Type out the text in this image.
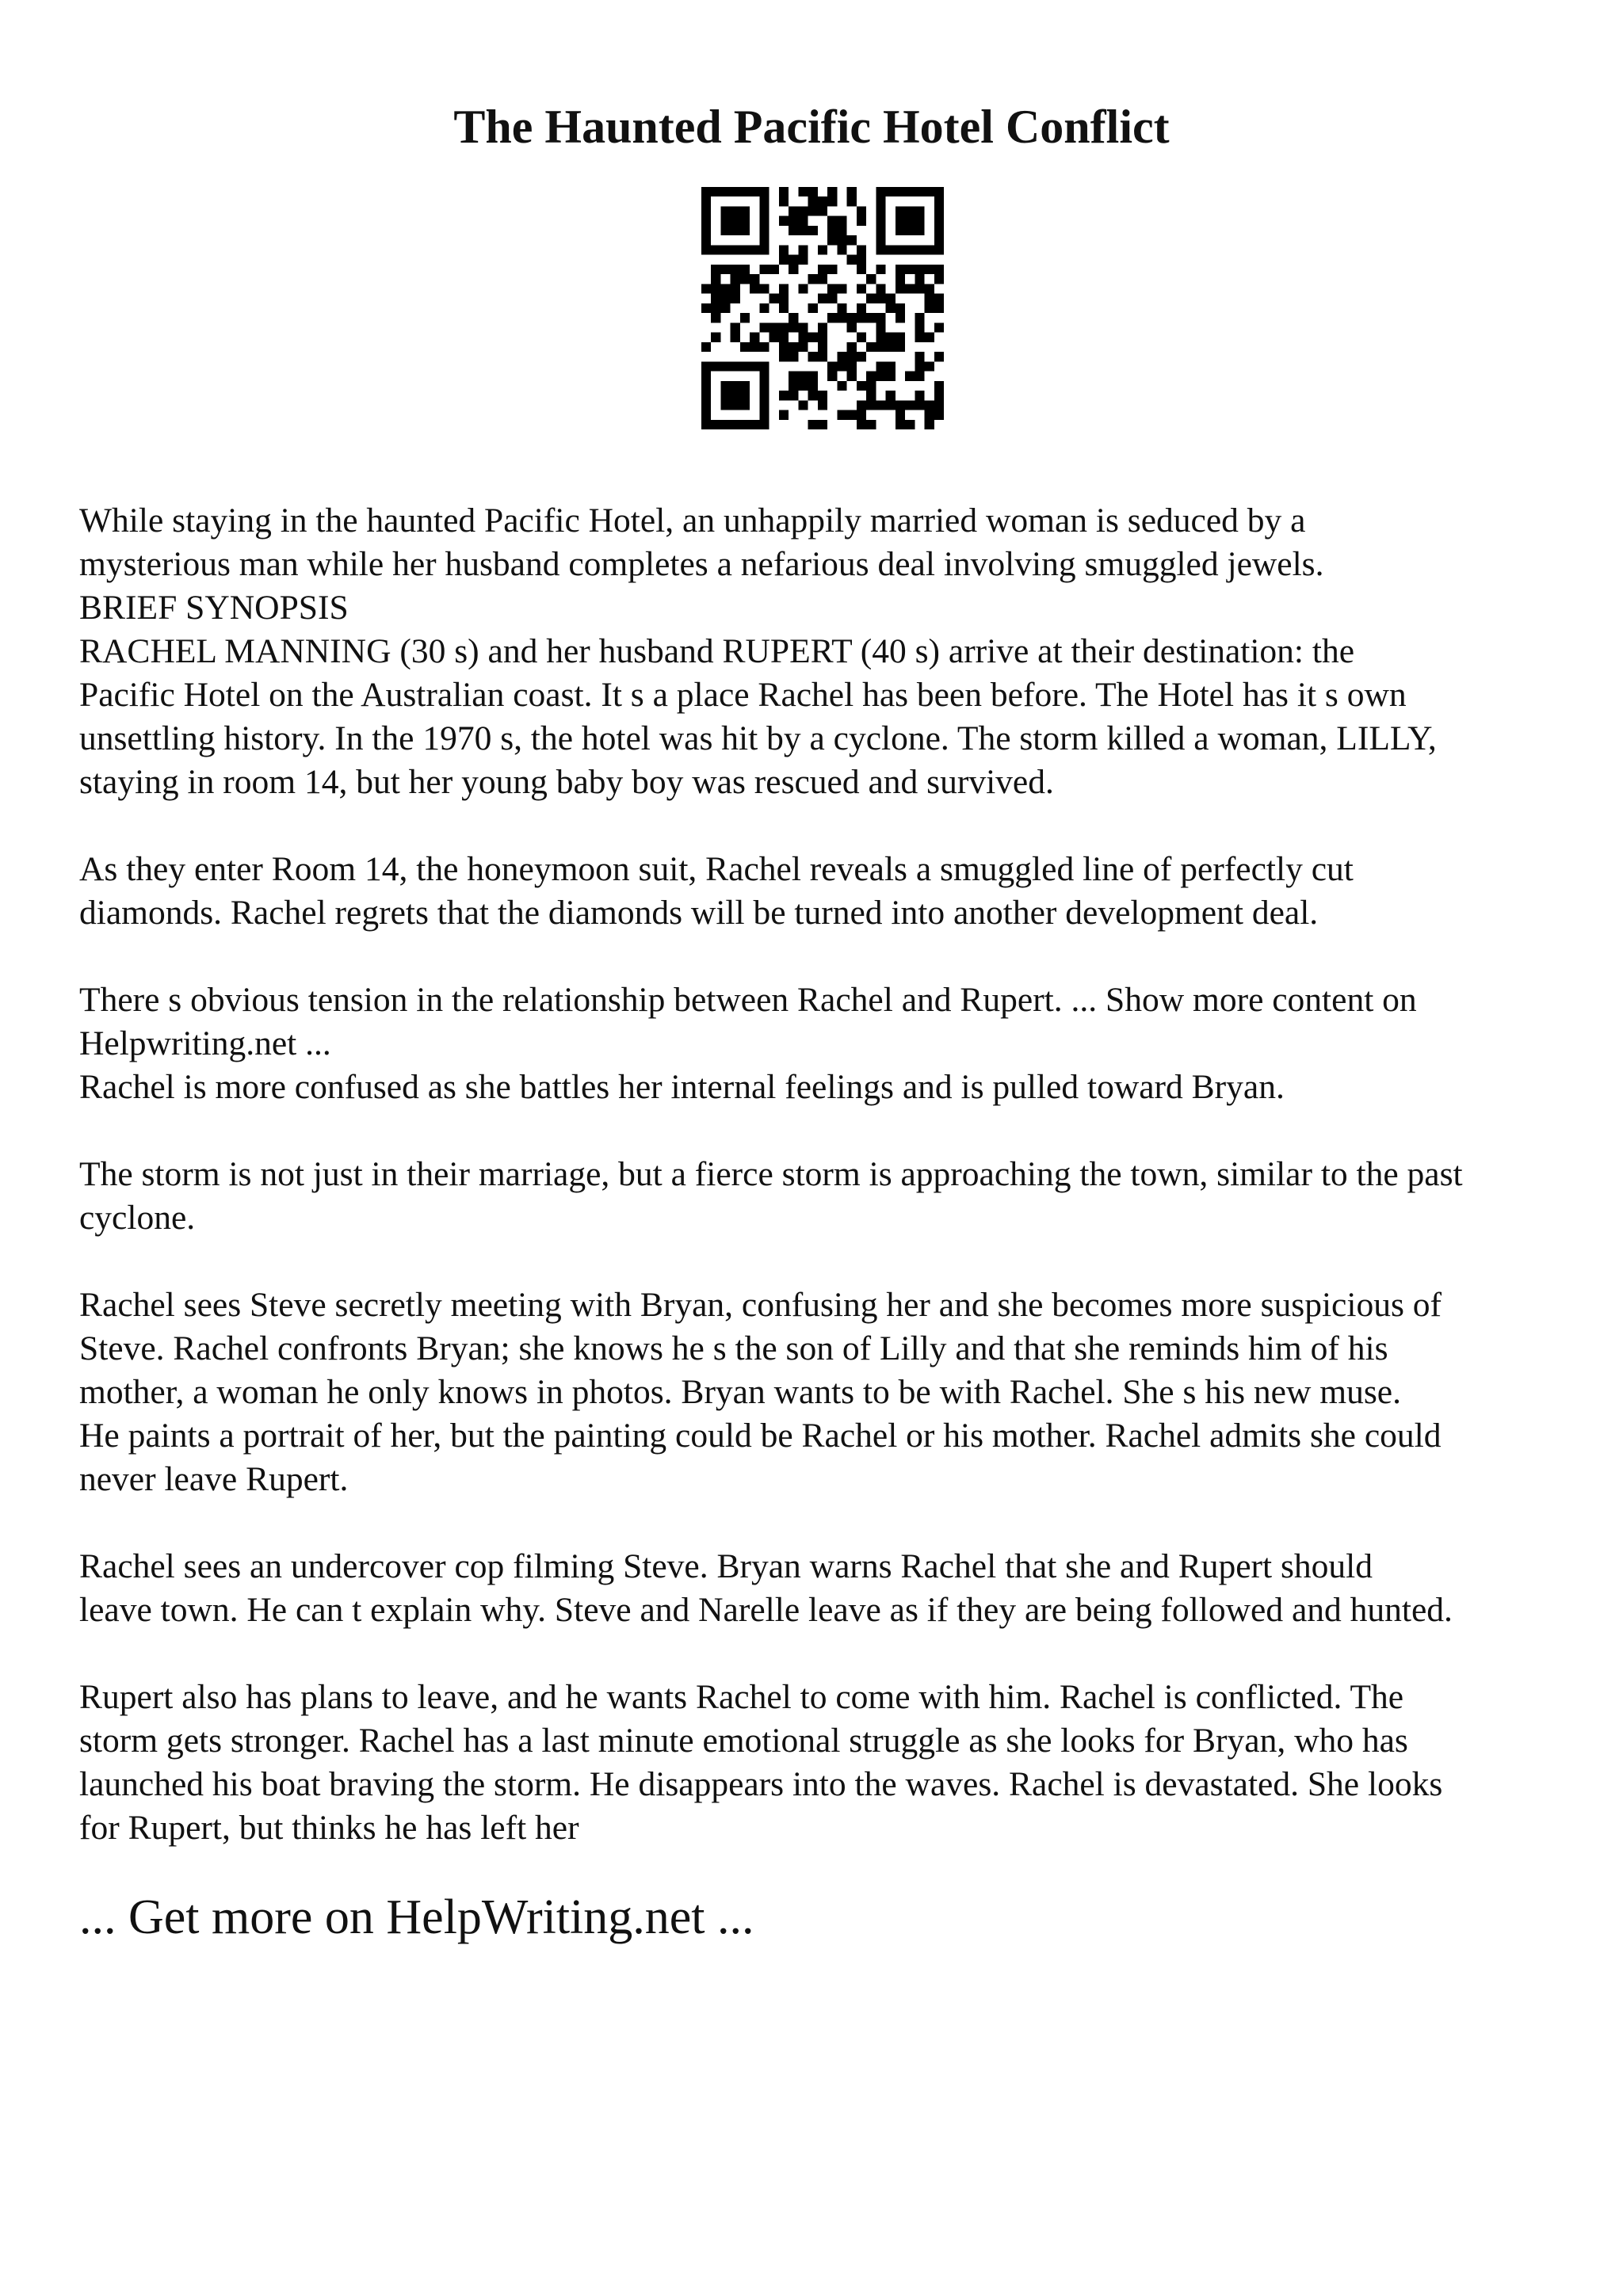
The Haunted Pacific Hotel Conflict

While staying in the haunted Pacific Hotel, an unhappily married woman is seduced by a
mysterious man while her husband completes a nefarious deal involving smuggled jewels.

BRIEF SYNOPSIS

RACHEL MANNING (30 s) and her husband RUPERT (40 s) arrive at their destination: the
Pacific Hotel on the Australian coast. It s a place Rachel has been before. The Hotel has it s own
unsettling history. In the 1970 s, the hotel was hit by a cyclone. The storm killed a woman, LILLY,
staying in room 14, but her young baby boy was rescued and survived.

As they enter Room 14, the honeymoon suit, Rachel reveals a smuggled line of perfectly cut
diamonds. Rachel regrets that the diamonds will be turned into another development deal.

There s obvious tension in the relationship between Rachel and Rupert. ... Show more content on
Helpwriting.net ...

Rachel is more confused as she battles her internal feelings and is pulled toward Bryan.

The storm is not just in their marriage, but a fierce storm is approaching the town, similar to the past
cyclone.

Rachel sees Steve secretly meeting with Bryan, confusing her and she becomes more suspicious of
Steve. Rachel confronts Bryan; she knows he s the son of Lilly and that she reminds him of his
mother, a woman he only knows in photos. Bryan wants to be with Rachel. She s his new muse.
He paints a portrait of her, but the painting could be Rachel or his mother. Rachel admits she could
never leave Rupert.

Rachel sees an undercover cop filming Steve. Bryan warns Rachel that she and Rupert should
leave town. He can t explain why. Steve and Narelle leave as if they are being followed and hunted.

Rupert also has plans to leave, and he wants Rachel to come with him. Rachel is conflicted. The
storm gets stronger. Rachel has a last minute emotional struggle as she looks for Bryan, who has
launched his boat braving the storm. He disappears into the waves. Rachel is devastated. She looks
for Rupert, but thinks he has left her

... Get more on HelpWriting.net ...
